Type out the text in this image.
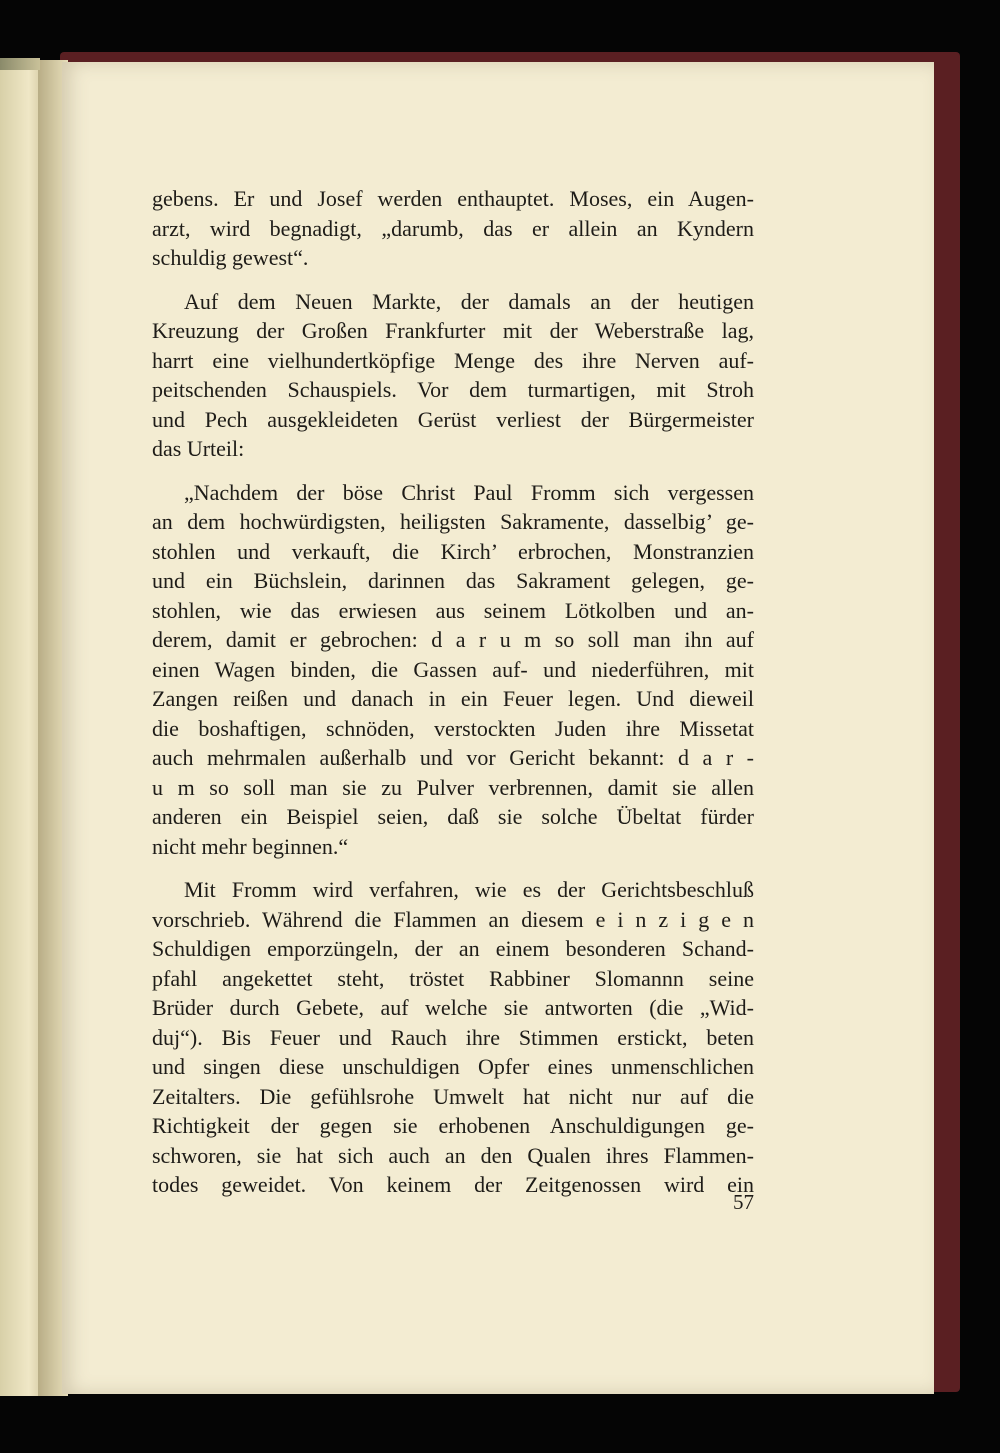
gebens. Er und Josef werden enthauptet. Moses, ein Augen-
arzt, wird begnadigt, „darumb, das er allein an Kyndern
schuldig gewest“.

Auf dem Neuen Markte, der damals an der heutigen
Kreuzung der Großen Frankfurter mit der Weberstraße lag,
harrt eine vielhundertköpfige Menge des ihre Nerven auf-
peitschenden Schauspiels. Vor dem turmartigen, mit Stroh
und Pech ausgekleideten Gerüst verliest der Bürgermeister
das Urteil:

„Nachdem der böse Christ Paul Fromm sich vergessen
an dem hochwürdigsten, heiligsten Sakramente, dasselbig’ ge-
stohlen und verkauft, die Kirch’ erbrochen, Monstranzien
und ein Büchslein, darinnen das Sakrament gelegen, ge-
stohlen, wie das erwiesen aus seinem Lötkolben und an-
derem, damit er gebrochen: d a r u m so soll man ihn auf
einen Wagen binden, die Gassen auf- und niederführen, mit
Zangen reißen und danach in ein Feuer legen. Und dieweil
die boshaftigen, schnöden, verstockten Juden ihre Missetat
auch mehrmalen außerhalb und vor Gericht bekannt: d a r -
u m so soll man sie zu Pulver verbrennen, damit sie allen
anderen ein Beispiel seien, daß sie solche Übeltat fürder
nicht mehr beginnen.“

Mit Fromm wird verfahren, wie es der Gerichtsbeschluß
vorschrieb. Während die Flammen an diesem e i n z i g e n
Schuldigen emporzüngeln, der an einem besonderen Schand-
pfahl angekettet steht, tröstet Rabbiner Slomannn seine
Brüder durch Gebete, auf welche sie antworten (die „Wid-
duj“). Bis Feuer und Rauch ihre Stimmen erstickt, beten
und singen diese unschuldigen Opfer eines unmenschlichen
Zeitalters. Die gefühlsrohe Umwelt hat nicht nur auf die
Richtigkeit der gegen sie erhobenen Anschuldigungen ge-
schworen, sie hat sich auch an den Qualen ihres Flammen-
todes geweidet. Von keinem der Zeitgenossen wird ein

57
